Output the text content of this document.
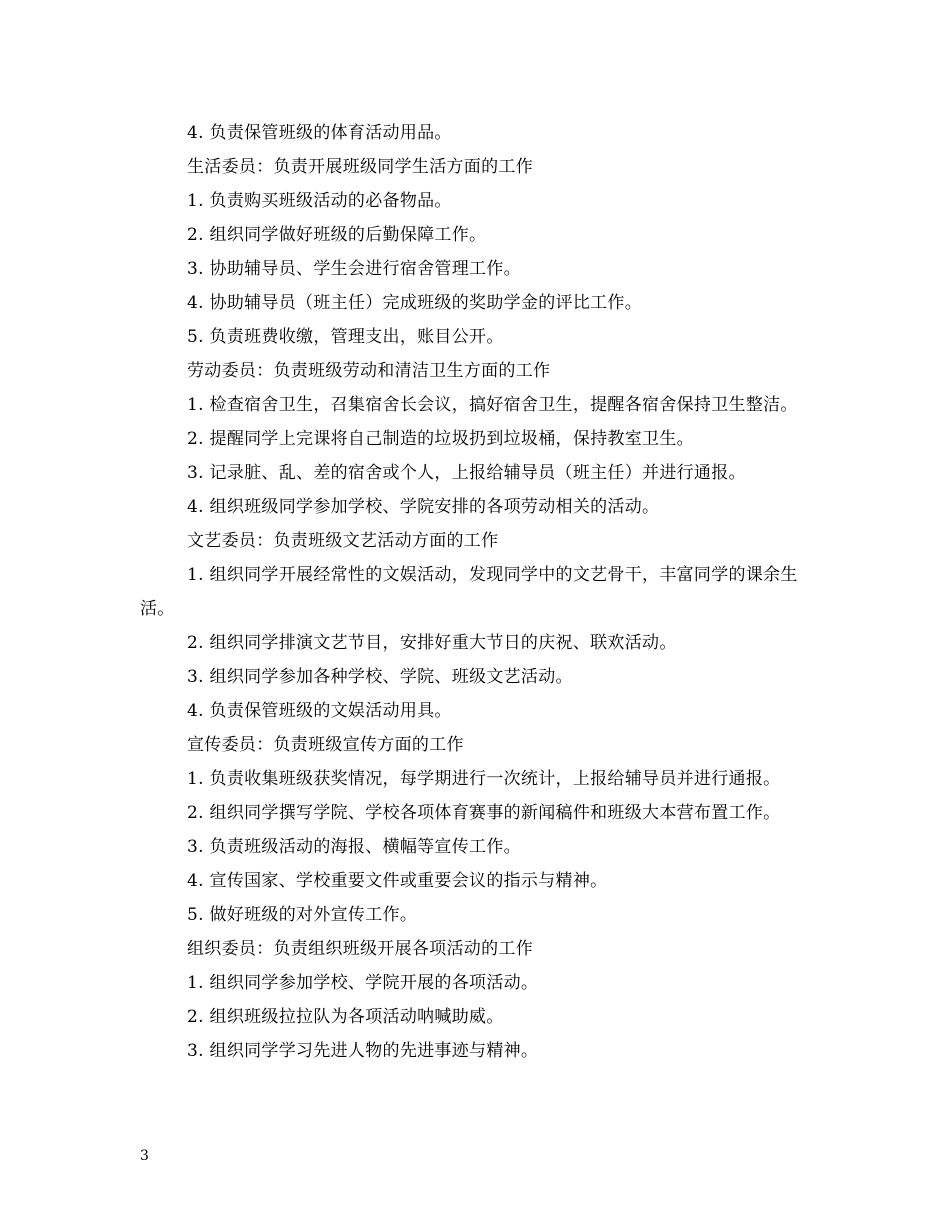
4. 负责保管班级的体育活动用品。
生活委员：负责开展班级同学生活方面的工作
1. 负责购买班级活动的必备物品。
2. 组织同学做好班级的后勤保障工作。
3. 协助辅导员、学生会进行宿舍管理工作。
4. 协助辅导员（班主任）完成班级的奖助学金的评比工作。
5. 负责班费收缴，管理支出，账目公开。
劳动委员：负责班级劳动和清洁卫生方面的工作
1. 检查宿舍卫生，召集宿舍长会议，搞好宿舍卫生，提醒各宿舍保持卫生整洁。
2. 提醒同学上完课将自己制造的垃圾扔到垃圾桶，保持教室卫生。
3. 记录脏、乱、差的宿舍或个人，上报给辅导员（班主任）并进行通报。
4. 组织班级同学参加学校、学院安排的各项劳动相关的活动。
文艺委员：负责班级文艺活动方面的工作
1. 组织同学开展经常性的文娱活动，发现同学中的文艺骨干，丰富同学的课余生活。
2. 组织同学排演文艺节目，安排好重大节日的庆祝、联欢活动。
3. 组织同学参加各种学校、学院、班级文艺活动。
4. 负责保管班级的文娱活动用具。
宣传委员：负责班级宣传方面的工作
1. 负责收集班级获奖情况，每学期进行一次统计，上报给辅导员并进行通报。
2. 组织同学撰写学院、学校各项体育赛事的新闻稿件和班级大本营布置工作。
3. 负责班级活动的海报、横幅等宣传工作。
4. 宣传国家、学校重要文件或重要会议的指示与精神。
5. 做好班级的对外宣传工作。
组织委员：负责组织班级开展各项活动的工作
1. 组织同学参加学校、学院开展的各项活动。
2. 组织班级拉拉队为各项活动呐喊助威。
3. 组织同学学习先进人物的先进事迹与精神。
3
